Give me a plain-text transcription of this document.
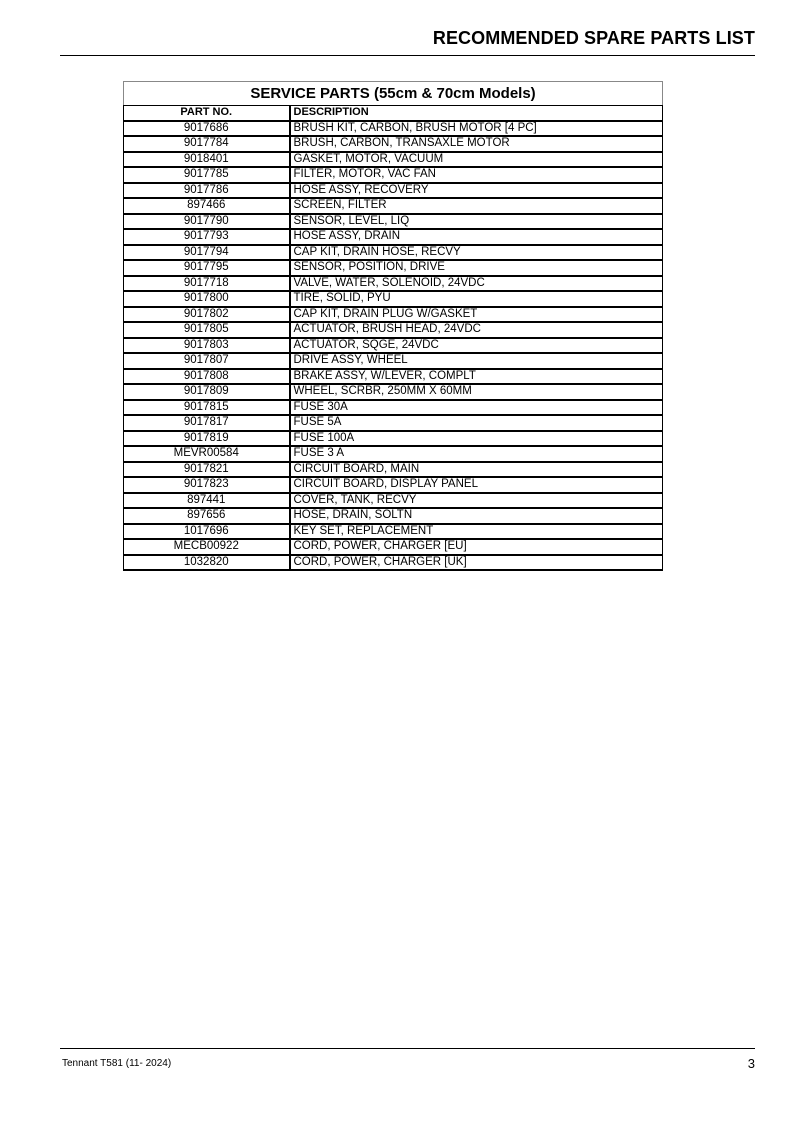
RECOMMENDED SPARE PARTS LIST
SERVICE PARTS (55cm & 70cm Models)	
PART NO.	DESCRIPTION
9017686	BRUSH KIT, CARBON, BRUSH MOTOR [4 PC]
9017784	BRUSH, CARBON, TRANSAXLE MOTOR
9018401	GASKET, MOTOR, VACUUM
9017785	FILTER, MOTOR, VAC FAN
9017786	HOSE ASSY, RECOVERY
897466	SCREEN, FILTER
9017790	SENSOR, LEVEL, LIQ
9017793	HOSE ASSY, DRAIN
9017794	CAP KIT, DRAIN HOSE, RECVY
9017795	SENSOR, POSITION, DRIVE
9017718	VALVE, WATER, SOLENOID, 24VDC
9017800	TIRE, SOLID, PYU
9017802	CAP KIT, DRAIN PLUG W/GASKET
9017805	ACTUATOR, BRUSH HEAD, 24VDC
9017803	ACTUATOR, SQGE, 24VDC
9017807	DRIVE ASSY, WHEEL
9017808	BRAKE ASSY, W/LEVER, COMPLT
9017809	WHEEL, SCRBR, 250MM X 60MM
9017815	FUSE 30A
9017817	FUSE 5A
9017819	FUSE 100A
MEVR00584	FUSE 3 A
9017821	CIRCUIT BOARD, MAIN
9017823	CIRCUIT BOARD, DISPLAY PANEL
897441	COVER, TANK, RECVY
897656	HOSE, DRAIN, SOLTN
1017696	KEY SET, REPLACEMENT
MECB00922	CORD, POWER, CHARGER [EU]
1032820	CORD, POWER, CHARGER [UK]
Tennant T581 (11- 2024)	3
